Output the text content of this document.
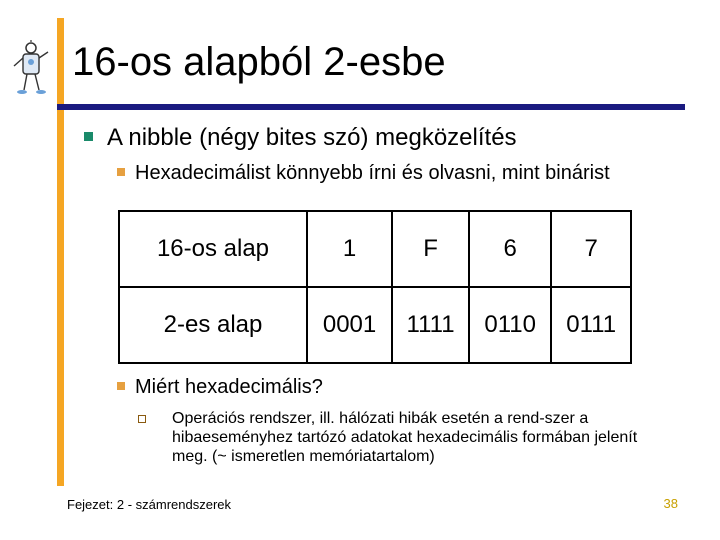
16-os alapból 2-esbe
A nibble (négy bites szó) megközelítés
Hexadecimálist könnyebb írni és olvasni, mint binárist
16-os alap	1	F	6	7
2-es alap	0001	1111	0110	0111
Miért hexadecimális?
Operációs rendszer, ill. hálózati hibák esetén a rend-szer a hibaeseményhez tartózó adatokat hexadecimális formában jelenít meg. (~ ismeretlen memóriatartalom)
Fejezet: 2 - számrendszerek	38
